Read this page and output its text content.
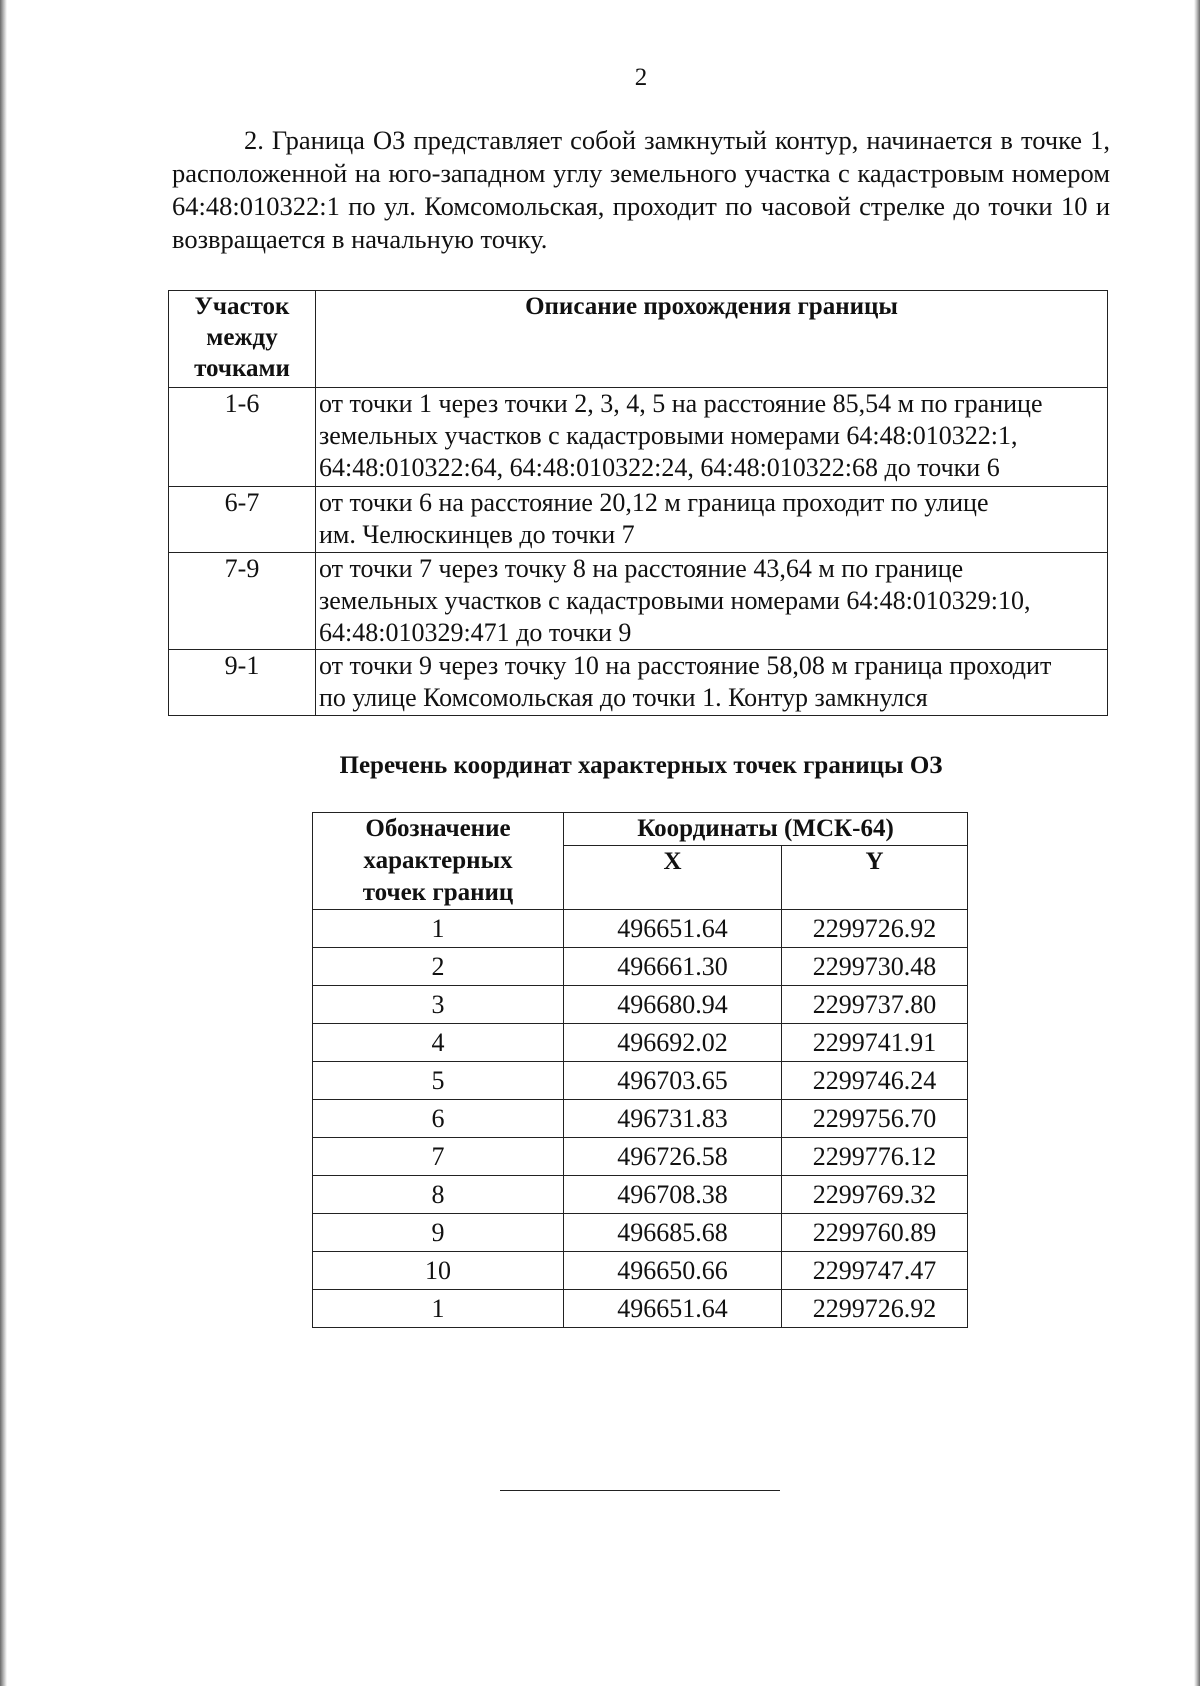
2

2. Граница ОЗ представляет собой замкнутый контур, начинается в точке 1, расположенной на юго-западном углу земельного участка с кадастровым номером 64:48:010322:1 по ул. Комсомольская, проходит по часовой стрелке до точки 10 и возвращается в начальную точку.

Участок
между
точками	Описание прохождения границы
1-6	от точки 1 через точки 2, 3, 4, 5 на расстояние 85,54 м по границе
земельных участков с кадастровыми номерами 64:48:010322:1,
64:48:010322:64, 64:48:010322:24, 64:48:010322:68 до точки 6
6-7	от точки 6 на расстояние 20,12 м граница проходит по улице
им. Челюскинцев до точки 7
7-9	от точки 7 через точку 8 на расстояние 43,64 м по границе
земельных участков с кадастровыми номерами 64:48:010329:10,
64:48:010329:471 до точки 9
9-1	от точки 9 через точку 10 на расстояние 58,08 м граница проходит
по улице Комсомольская до точки 1. Контур замкнулся
Перечень координат характерных точек границы ОЗ
Обозначение
характерных
точек границ	Координаты (МСК-64)	
	X	Y
1	496651.64	2299726.92
2	496661.30	2299730.48
3	496680.94	2299737.80
4	496692.02	2299741.91
5	496703.65	2299746.24
6	496731.83	2299756.70
7	496726.58	2299776.12
8	496708.38	2299769.32
9	496685.68	2299760.89
10	496650.66	2299747.47
1	496651.64	2299726.92
